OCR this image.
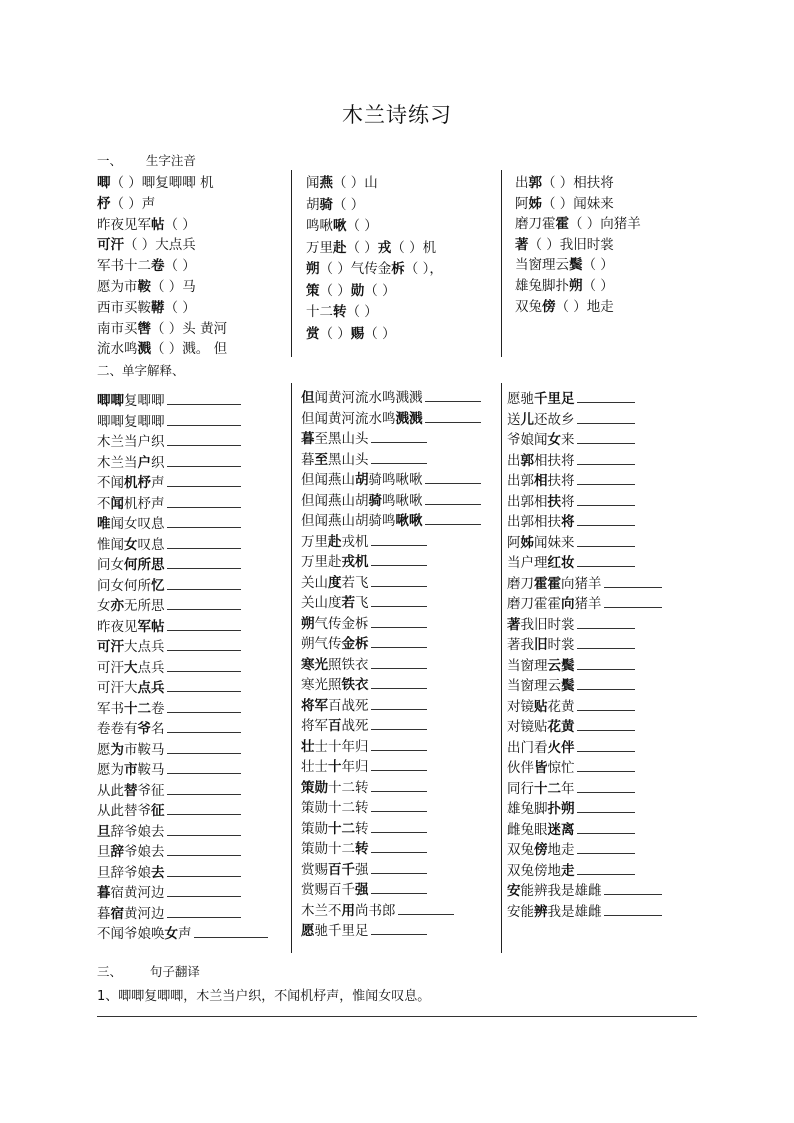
木兰诗练习
一、      生字注音
二、单字解释、
三、       句子翻译
唧（ ）唧复唧唧 机
杼（ ）声
昨夜见军帖（ ）
可汗（ ）大点兵
军书十二卷（ ）
愿为市鞍（ ）马
西市买鞍鞯（ ）
南市买辔（ ）头 黄河
流水鸣溅（ ）溅。 但
闻燕（ ）山
胡骑（ ）
鸣啾啾（ ）
万里赴（ ）戎（ ）机
朔（ ）气传金柝（ ），
策（ ）勋（ ）
十二转（ ）
赏（ ）赐（ ）
出郭（ ）相扶将
阿姊（ ）闻妹来
磨刀霍霍（ ）向猪羊
著（ ）我旧时裳
当窗理云鬓（ ）
雄兔脚扑朔（ ）
双兔傍（ ）地走
唧唧复唧唧
唧唧复唧唧
木兰当户织
木兰当户织
不闻机杼声
不闻机杼声
唯闻女叹息
惟闻女叹息
问女何所思
问女何所忆
女亦无所思
昨夜见军帖
可汗大点兵
可汗大点兵
可汗大点兵
军书十二卷
卷卷有爷名
愿为市鞍马
愿为市鞍马
从此替爷征
从此替爷征
旦辞爷娘去
旦辞爷娘去
旦辞爷娘去
暮宿黄河边
暮宿黄河边
不闻爷娘唤女声
但闻黄河流水鸣溅溅
但闻黄河流水鸣溅溅
暮至黑山头
暮至黑山头
但闻燕山胡骑鸣啾啾
但闻燕山胡骑鸣啾啾
但闻燕山胡骑鸣啾啾
万里赴戎机
万里赴戎机
关山度若飞
关山度若飞
朔气传金柝
朔气传金柝
寒光照铁衣
寒光照铁衣
将军百战死
将军百战死
壮士十年归
壮士十年归
策勋十二转
策勋十二转
策勋十二转
策勋十二转
赏赐百千强
赏赐百千强
木兰不用尚书郎
愿驰千里足
愿驰千里足
送儿还故乡
爷娘闻女来
出郭相扶将
出郭相扶将
出郭相扶将
出郭相扶将
阿姊闻妹来
当户理红妆
磨刀霍霍向猪羊
磨刀霍霍向猪羊
著我旧时裳
著我旧时裳
当窗理云鬓
当窗理云鬓
对镜贴花黄
对镜贴花黄
出门看火伴
伙伴皆惊忙
同行十二年
雄兔脚扑朔
雌兔眼迷离
双兔傍地走
双兔傍地走
安能辨我是雄雌
安能辨我是雄雌
1、唧唧复唧唧，木兰当户织，不闻机杼声，惟闻女叹息。
